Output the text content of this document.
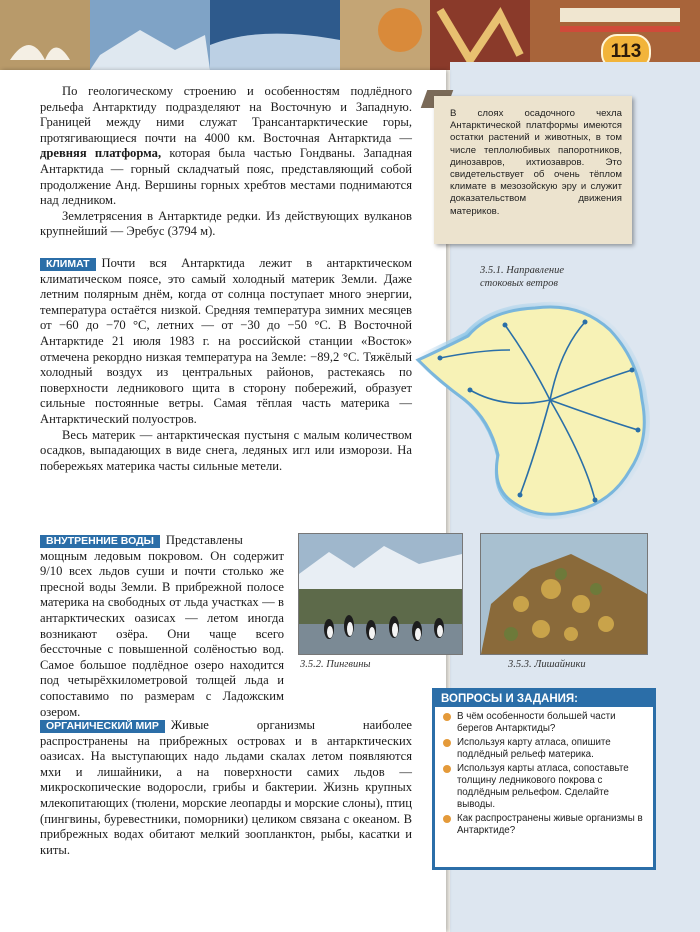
113

По геологическому строению и особенностям подлёдного рельефа Антарктиду подразделяют на Восточную и Западную. Границей между ними служат Трансантарктические горы, протягивающиеся почти на 4000 км. Восточная Антарктида — древняя платформа, которая была частью Гондваны. Западная Антарктида — горный складчатый пояс, представляющий собой продолжение Анд. Вершины горных хребтов местами поднимаются над ледником.

Землетрясения в Антарктиде редки. Из действующих вулканов крупнейший — Эребус (3794 м).

КЛИМАТ Почти вся Антарктида лежит в антарктическом климатическом поясе, это самый холодный материк Земли. Даже летним полярным днём, когда от солнца поступает много энергии, температура остаётся низкой. Средняя температура зимних месяцев от −60 до −70 °С, летних — от −30 до −50 °С. В Восточной Антарктиде 21 июля 1983 г. на российской станции «Восток» отмечена рекордно низкая температура на Земле: −89,2 °С. Тяжёлый холодный воздух из центральных районов, растекаясь по поверхности ледникового щита в сторону побережий, образует сильные постоянные ветры. Самая тёплая часть материка — Антарктический полуостров.

Весь материк — антарктическая пустыня с малым количеством осадков, выпадающих в виде снега, ледяных игл или изморози. На побережьях материка часты сильные метели.

ВНУТРЕННИЕ ВОДЫ Представлены мощным ледовым покровом. Он содержит 9/10 всех льдов суши и почти столько же пресной воды Земли. В прибрежной полосе материка на свободных от льда участках — в антарктических оазисах — летом иногда возникают озёра. Они чаще всего бессточные с повышенной солёностью вод. Самое большое подлёдное озеро находится под четырёхкилометровой толщей льда и сопоставимо по размерам с Ладожским озером.

ОРГАНИЧЕСКИЙ МИР Живые организмы наиболее распространены на прибрежных островах и в антарктических оазисах. На выступающих надо льдами скалах летом появляются мхи и лишайники, а на поверхности самих льдов — микроскопические водоросли, грибы и бактерии. Жизнь крупных млекопитающих (тюлени, морские леопарды и морские слоны), птиц (пингвины, буревестники, поморники) целиком связана с океаном. В прибрежных водах обитают мелкий зоопланктон, рыбы, касатки и киты.

В слоях осадочного чехла Антарктической платформы имеются остатки растений и животных, в том числе теплолюбивых папоротников, динозавров, ихтиозавров. Это свидетельствует об очень тёплом климате в мезозойскую эру и служит доказательством движения материков.
3.5.1. Направление стоковых ветров
3.5.2. Пингвины	3.5.3. Лишайники
ВОПРОСЫ И ЗАДАНИЯ:
В чём особенности большей части берегов Антарктиды?
Используя карту атласа, опишите подлёдный рельеф материка.
Используя карты атласа, сопоставьте толщину ледникового покрова с подлёдным рельефом. Сделайте выводы.
Как распространены живые организмы в Антарктиде?
